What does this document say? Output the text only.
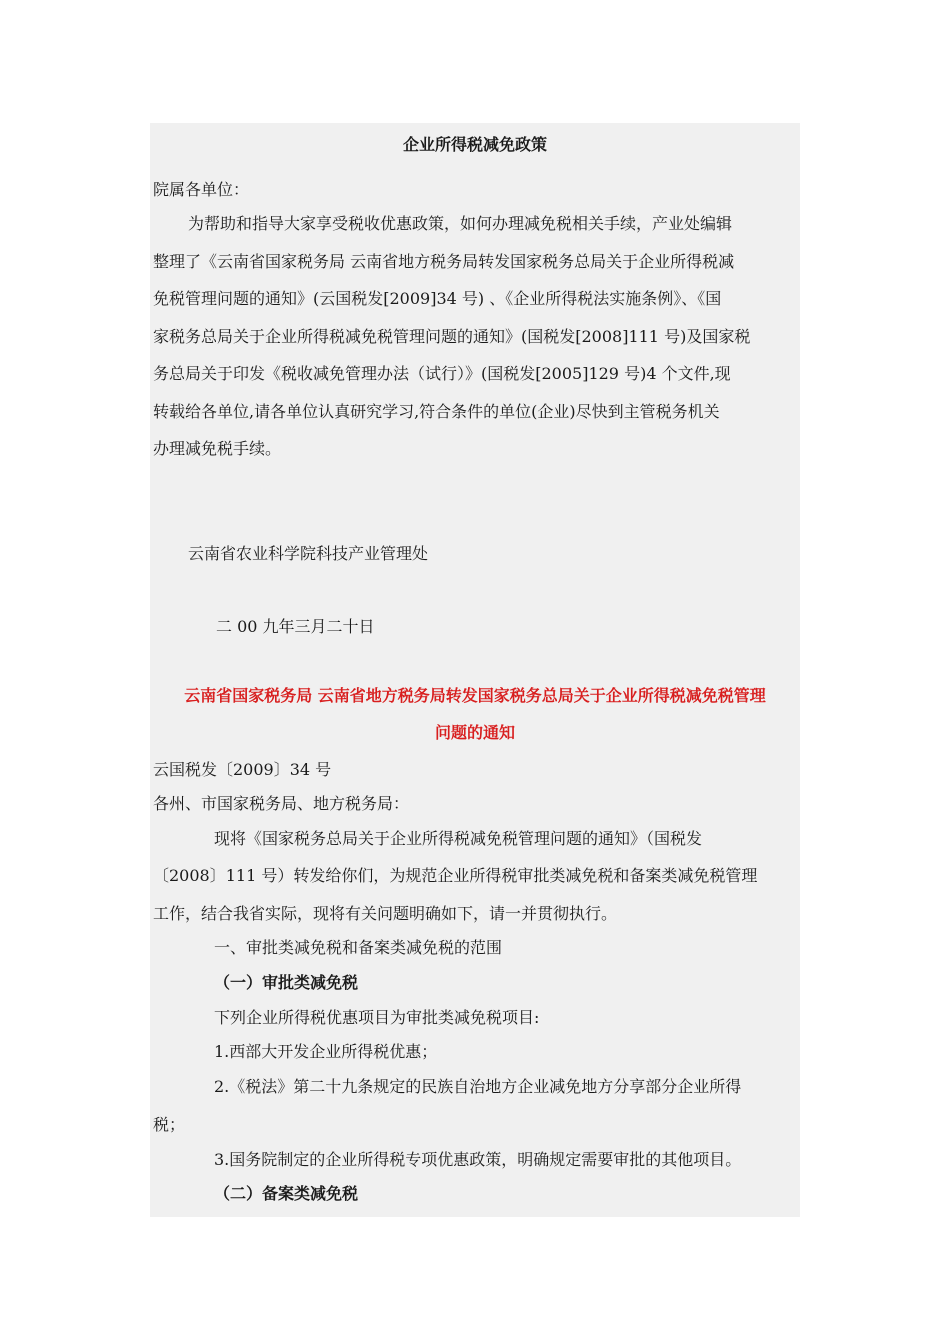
企业所得税减免政策
院属各单位：
为帮助和指导大家享受税收优惠政策，如何办理减免税相关手续，产业处编辑
整理了《云南省国家税务局 云南省地方税务局转发国家税务总局关于企业所得税减
免税管理问题的通知》(云国税发[2009]34 号) 、《企业所得税法实施条例》、《国
家税务总局关于企业所得税减免税管理问题的通知》(国税发[2008]111 号)及国家税
务总局关于印发《税收减免管理办法（试行）》(国税发[2005]129 号)4 个文件,现
转载给各单位,请各单位认真研究学习,符合条件的单位(企业)尽快到主管税务机关
办理减免税手续。
云南省农业科学院科技产业管理处
二 00 九年三月二十日
云南省国家税务局 云南省地方税务局转发国家税务总局关于企业所得税减免税管理
问题的通知
云国税发〔2009〕34 号
各州、市国家税务局、地方税务局：
现将《国家税务总局关于企业所得税减免税管理问题的通知》（国税发
〔2008〕111 号）转发给你们，为规范企业所得税审批类减免税和备案类减免税管理
工作，结合我省实际，现将有关问题明确如下，请一并贯彻执行。
一、审批类减免税和备案类减免税的范围
（一）审批类减免税
下列企业所得税优惠项目为审批类减免税项目:
1.西部大开发企业所得税优惠；
2.《税法》第二十九条规定的民族自治地方企业减免地方分享部分企业所得
税；
3.国务院制定的企业所得税专项优惠政策，明确规定需要审批的其他项目。
（二）备案类减免税
